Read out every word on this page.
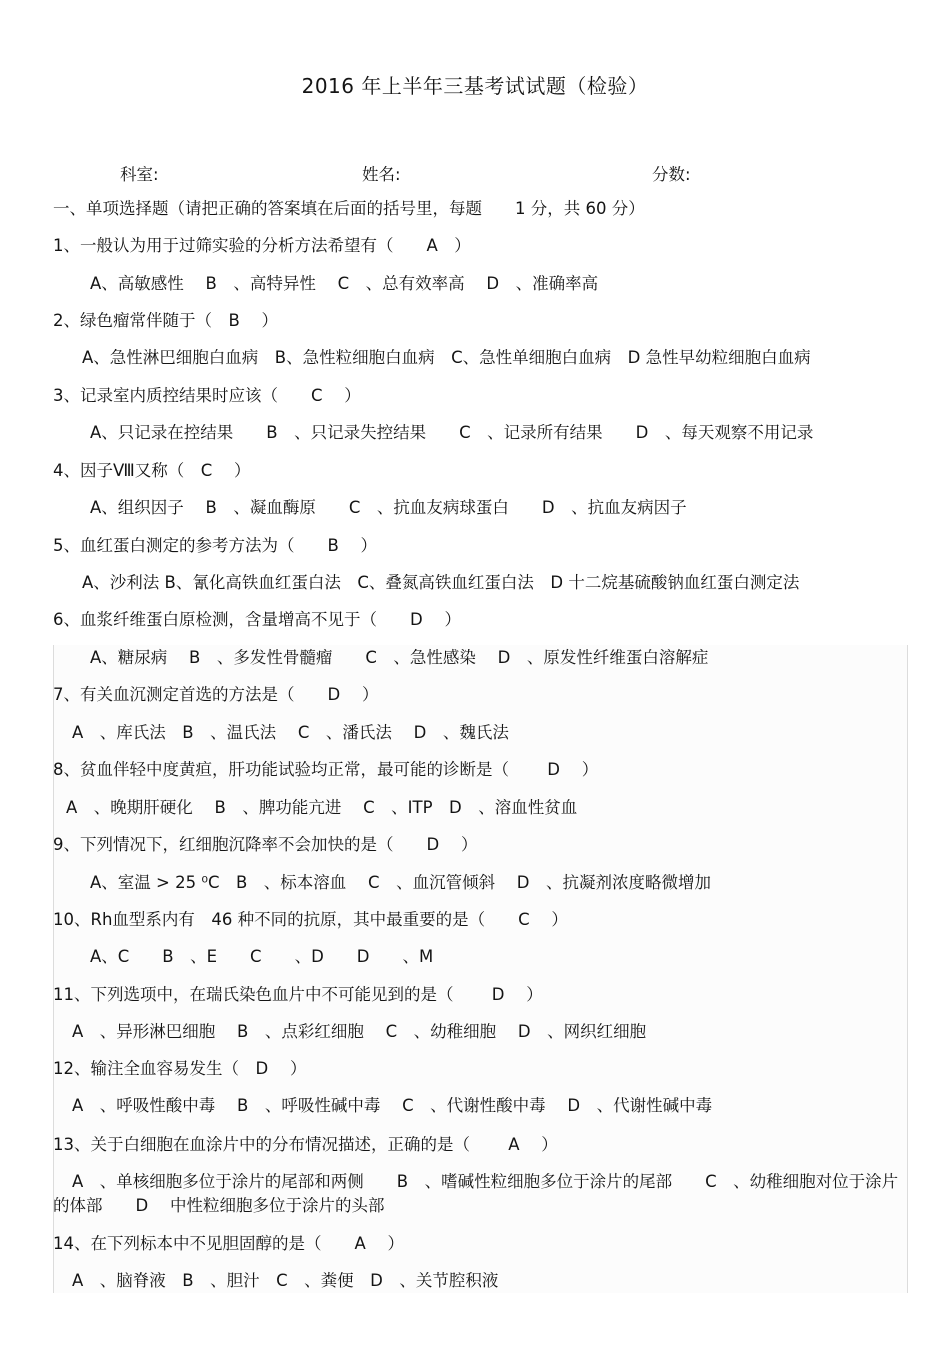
2016 年上半年三基考试试题（检验）
科室:	姓名:	分数:
一、单项选择题（请把正确的答案填在后面的括号里，每题　　1 分，共 60 分）
1、一般认为用于过筛实验的分析方法希望有（　　A　）
A、高敏感性　 B　、高特异性　 C　、总有效率高　 D　、准确率高
2、绿色瘤常伴随于（　B　 ）
A、急性淋巴细胞白血病　B、急性粒细胞白血病　C、急性单细胞白血病　D 急性早幼粒细胞白血病
3、记录室内质控结果时应该（　　C　 ）
A、只记录在控结果　　B　、只记录失控结果　　C　、记录所有结果　　D　、每天观察不用记录
4、因子Ⅷ又称（　C　 ）
A、组织因子　 B　、凝血酶原　　C　、抗血友病球蛋白　　D　、抗血友病因子
5、血红蛋白测定的参考方法为（　　B　 ）
A、沙利法 B、氰化高铁血红蛋白法　C、叠氮高铁血红蛋白法　D 十二烷基硫酸钠血红蛋白测定法
6、血浆纤维蛋白原检测，含量增高不见于（　　D　 ）
A、糖尿病　 B　、多发性骨髓瘤　　C　、急性感染　 D　、原发性纤维蛋白溶解症
7、有关血沉测定首选的方法是（　　D　 ）
A　、库氏法　B　、温氏法　 C　、潘氏法　 D　、魏氏法
8、贫血伴轻中度黄疸，肝功能试验均正常，最可能的诊断是（　　 D　 ）
A　、晚期肝硬化　 B　、脾功能亢进　 C　、ITP　D　、溶血性贫血
9、下列情况下，红细胞沉降率不会加快的是（　　D　 ）
A、室温 > 25 ⁰C　B　、标本溶血　 C　、血沉管倾斜　 D　、抗凝剂浓度略微增加
10、Rh血型系内有　46 种不同的抗原，其中最重要的是（　　C　 ）
A、C　　B　、E　　C　　、D　　D　　、M
11、下列选项中，在瑞氏染色血片中不可能见到的是（　　 D　 ）
A　、异形淋巴细胞　 B　、点彩红细胞　 C　、幼稚细胞　 D　、网织红细胞
12、输注全血容易发生（　D　 ）
A　、呼吸性酸中毒　 B　、呼吸性碱中毒　 C　、代谢性酸中毒　 D　、代谢性碱中毒
13、关于白细胞在血涂片中的分布情况描述，正确的是（　　 A　 ）
A　、单核细胞多位于涂片的尾部和两侧　　B　、嗜碱性粒细胞多位于涂片的尾部　　C　、幼稚细胞对位于涂片的体部　　D　 中性粒细胞多位于涂片的头部
14、在下列标本中不见胆固醇的是（　　A　 ）
A　、脑脊液　B　、胆汁　C　、粪便　D　、关节腔积液
